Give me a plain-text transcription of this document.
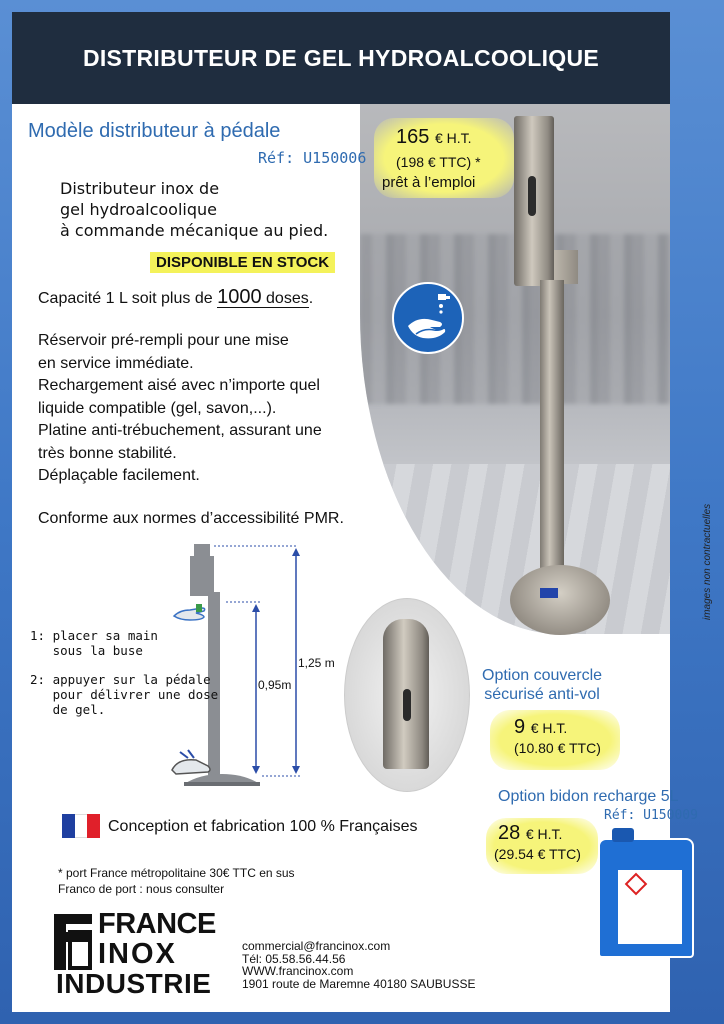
DISTRIBUTEUR DE GEL HYDROALCOOLIQUE
Modèle distributeur à pédale
Réf: U150006
Distributeur inox de
gel hydroalcoolique
à commande mécanique au pied.
DISPONIBLE EN STOCK
Capacité 1 L soit plus de 1000 doses.
Réservoir pré-rempli pour une mise
en service immédiate.
Rechargement aisé avec n’importe quel
liquide compatible (gel, savon,...).
Platine anti-trébuchement, assurant une
très bonne stabilité.
Déplaçable facilement.
Conforme aux normes d’accessibilité PMR.
165 € H.T.
(198 € TTC) *
prêt à l’emploi
images non contractuelles
0,95m
1,25 m
1: placer sa main
sous la buse
2: appuyer sur la pédale
pour délivrer une dose
de gel.
Option couvercle
sécurisé anti-vol
9 € H.T.
(10.80 € TTC)
Option bidon recharge 5L
Réf: U150009
28 € H.T.
(29.54 € TTC)
Conception et fabrication 100 % Françaises
* port France métropolitaine 30€ TTC en sus
Franco de port : nous consulter
FRANCE
INOX
INDUSTRIE
commercial@francinox.com
Tél: 05.58.56.44.56
WWW.francinox.com
1901 route de Maremne 40180 SAUBUSSE
